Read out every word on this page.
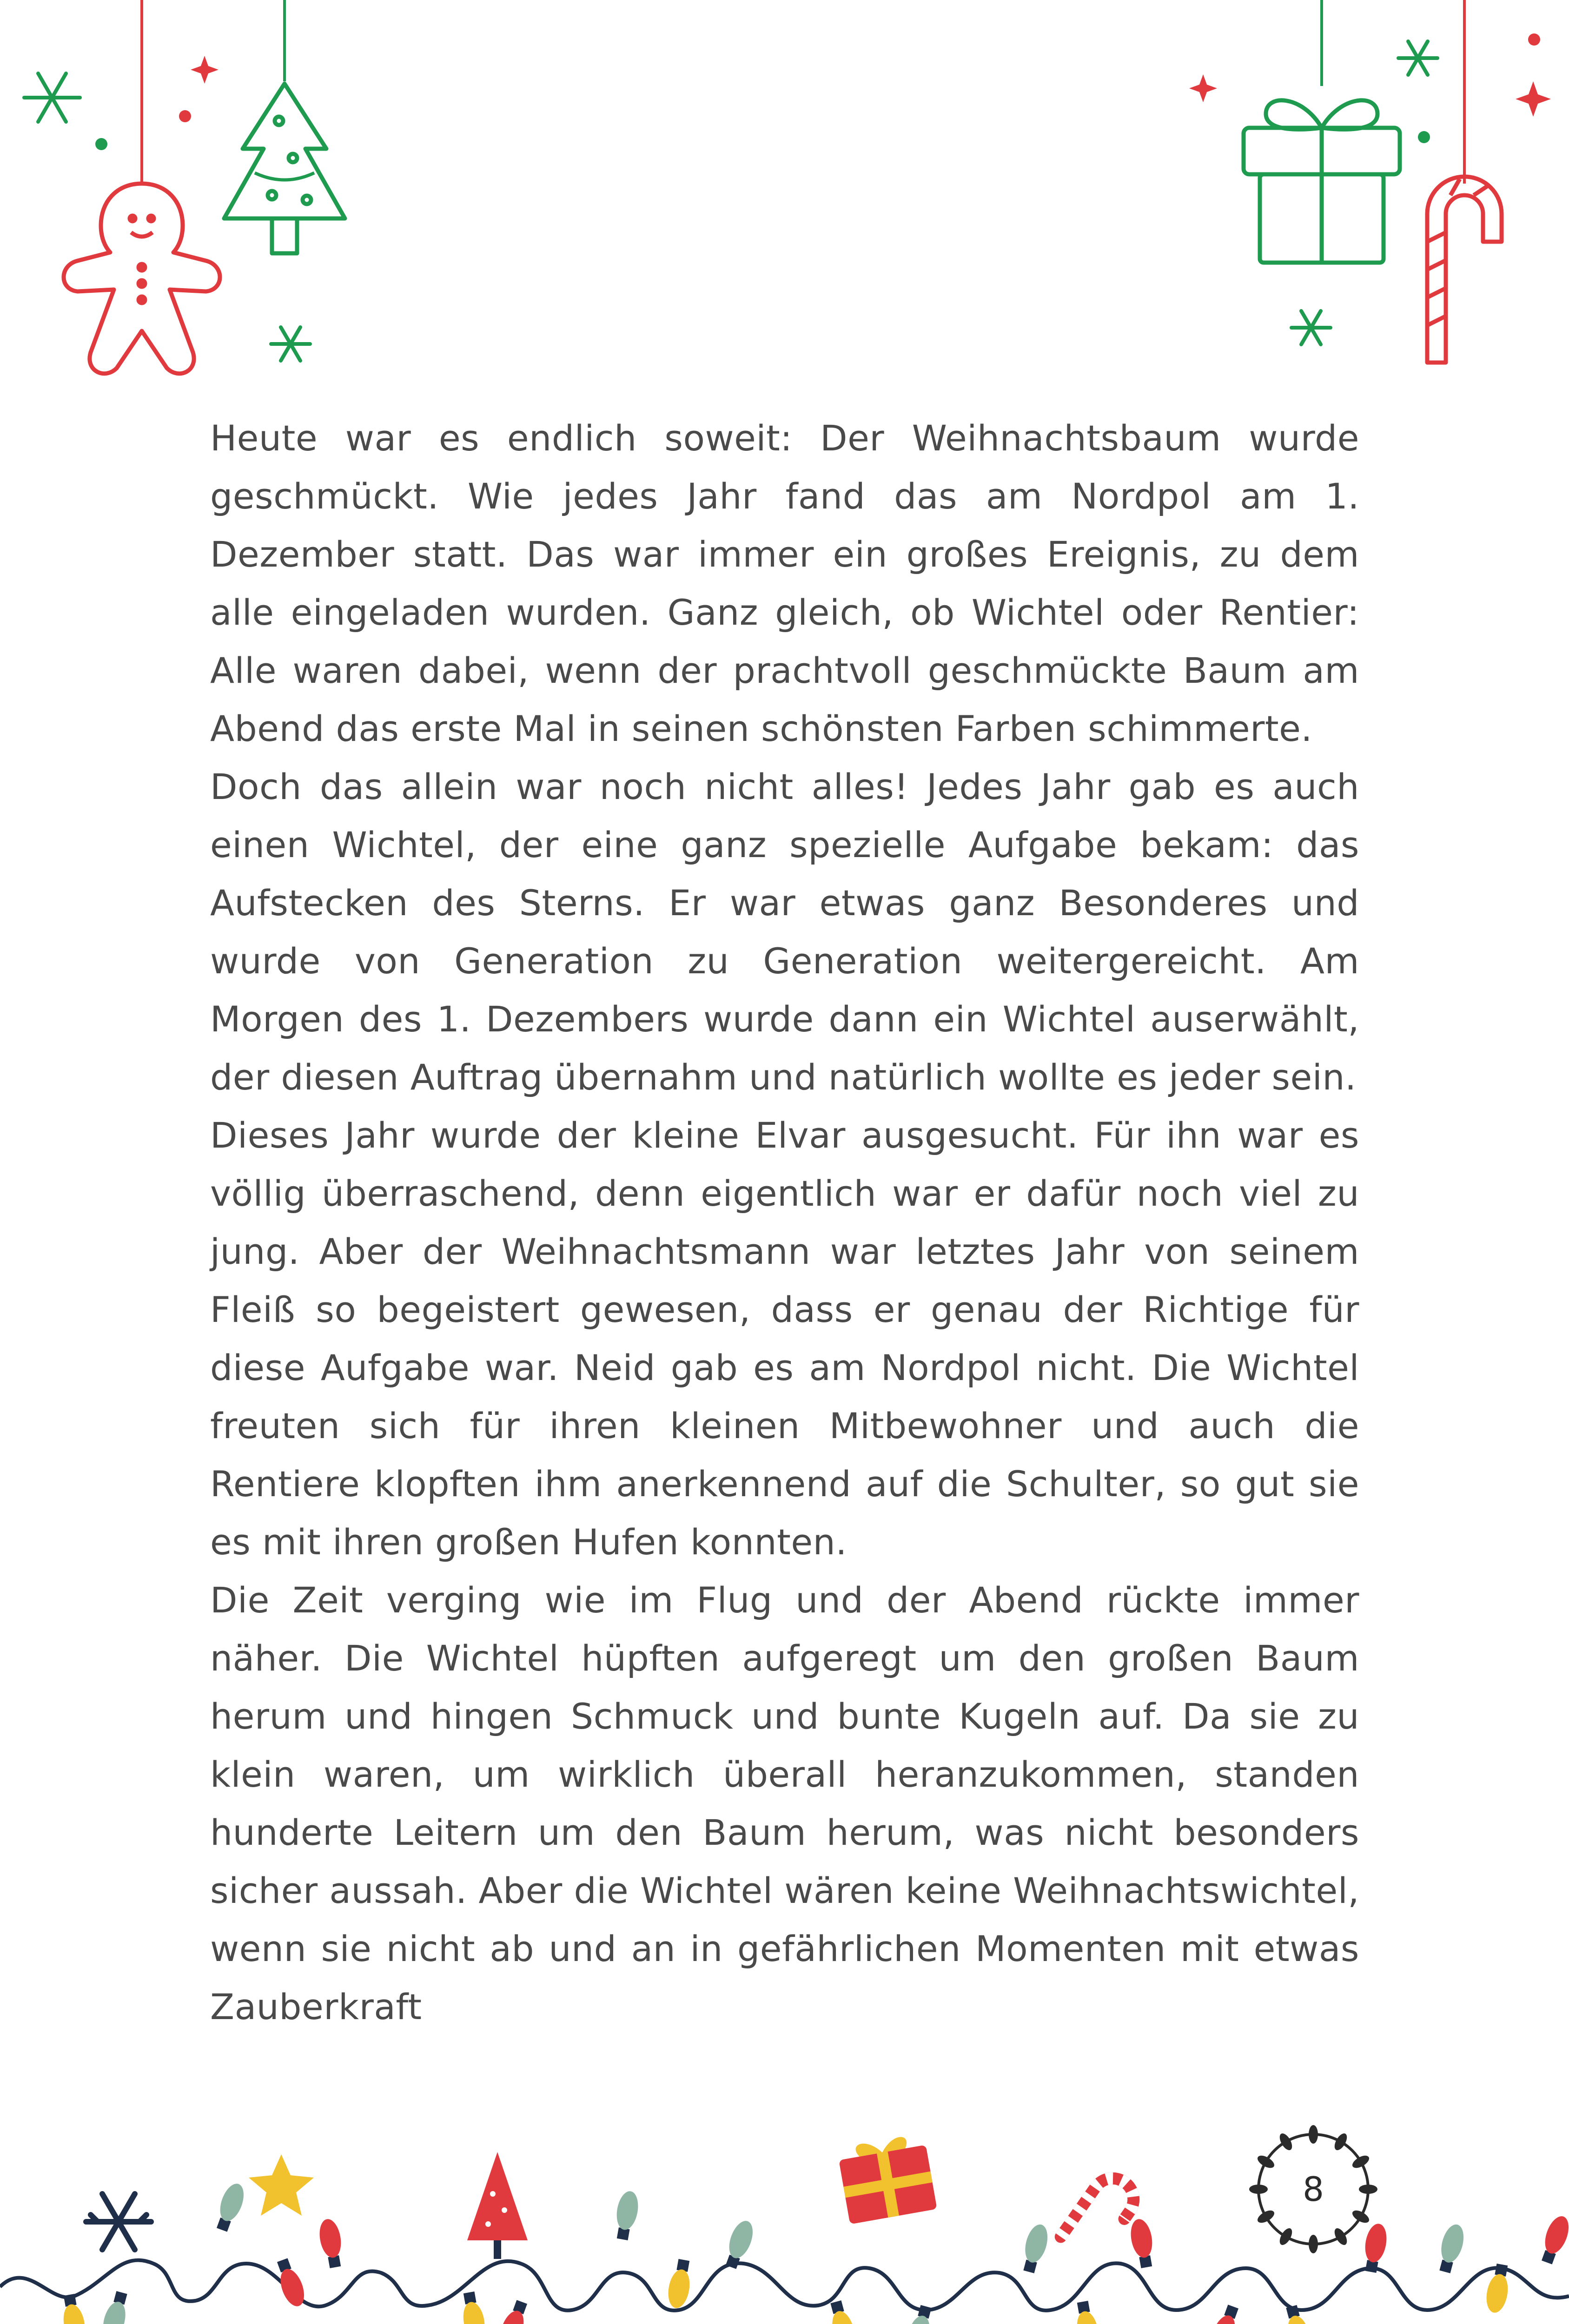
Heute war es endlich soweit: Der Weihnachtsbaum wurde geschmückt. Wie jedes Jahr fand das am Nordpol am 1. Dezember statt. Das war immer ein großes Ereignis, zu dem alle eingeladen wurden. Ganz gleich, ob Wichtel oder Rentier: Alle waren dabei, wenn der prachtvoll geschmückte Baum am Abend das erste Mal in seinen schönsten Farben schimmerte.

Doch das allein war noch nicht alles! Jedes Jahr gab es auch einen Wichtel, der eine ganz spezielle Aufgabe bekam: das Aufstecken des Sterns. Er war etwas ganz Besonderes und wurde von Generation zu Generation weitergereicht. Am Morgen des 1. Dezembers wurde dann ein Wichtel auserwählt, der diesen Auftrag übernahm und natürlich wollte es jeder sein.

Dieses Jahr wurde der kleine Elvar ausgesucht. Für ihn war es völlig überraschend, denn eigentlich war er dafür noch viel zu jung. Aber der Weihnachtsmann war letztes Jahr von seinem Fleiß so begeistert gewesen, dass er genau der Richtige für diese Aufgabe war. Neid gab es am Nordpol nicht. Die Wichtel freuten sich für ihren kleinen Mitbewohner und auch die Rentiere klopften ihm anerkennend auf die Schulter, so gut sie es mit ihren großen Hufen konnten.

Die Zeit verging wie im Flug und der Abend rückte immer näher. Die Wichtel hüpften aufgeregt um den großen Baum herum und hingen Schmuck und bunte Kugeln auf. Da sie zu klein waren, um wirklich überall heranzukommen, standen hunderte Leitern um den Baum herum, was nicht besonders sicher aussah. Aber die Wichtel wären keine Weihnachtswichtel, wenn sie nicht ab und an in gefährlichen Momenten mit etwas Zauberkraft

8
